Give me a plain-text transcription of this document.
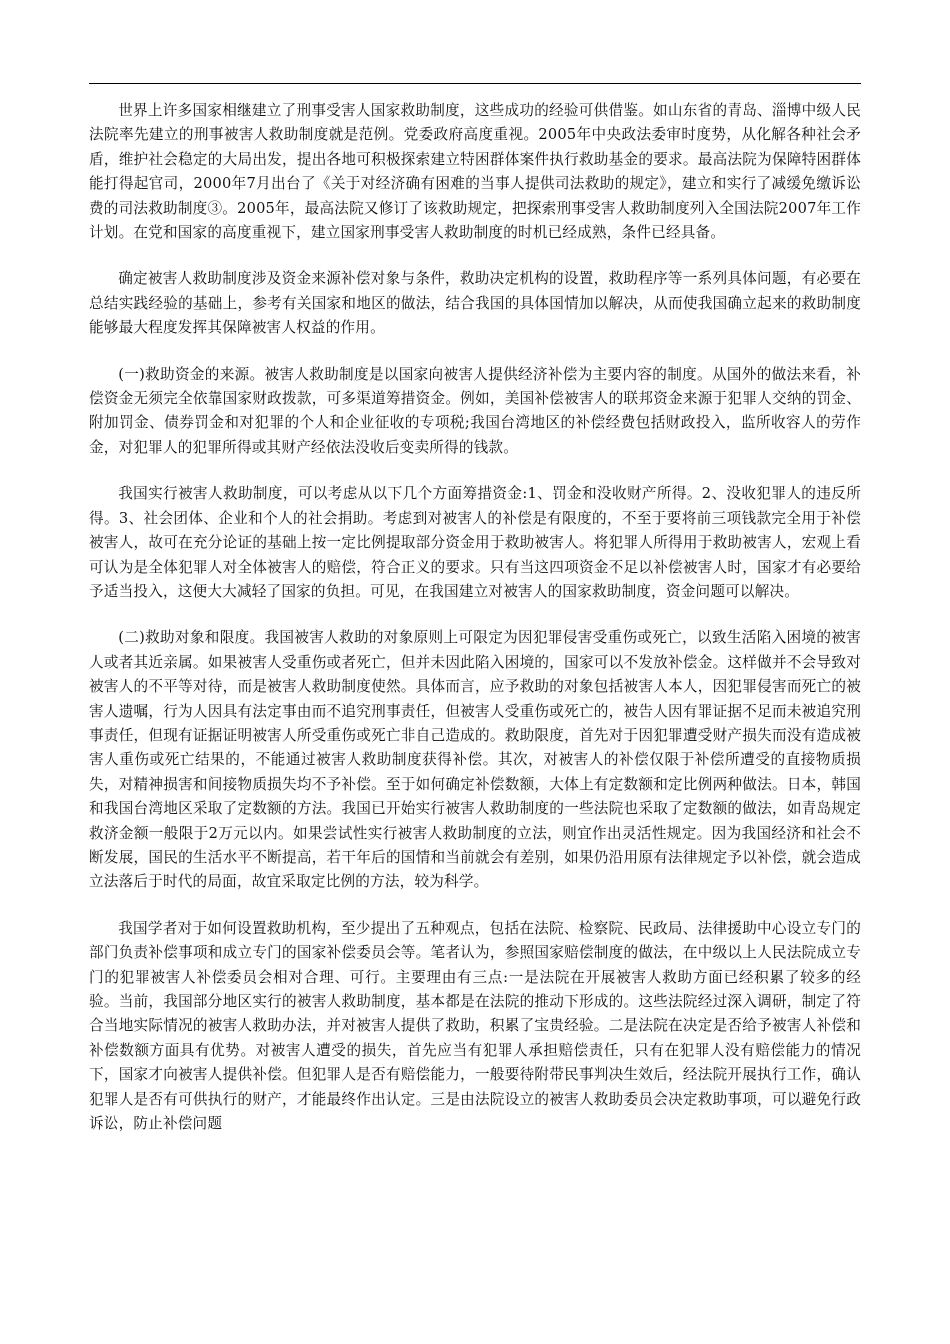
世界上许多国家相继建立了刑事受害人国家救助制度，这些成功的经验可供借鉴。如山东省的青岛、淄博中级人民法院率先建立的刑事被害人救助制度就是范例。党委政府高度重视。2005年中央政法委审时度势，从化解各种社会矛盾，维护社会稳定的大局出发，提出各地可积极探索建立特困群体案件执行救助基金的要求。最高法院为保障特困群体能打得起官司，2000年7月出台了《关于对经济确有困难的当事人提供司法救助的规定》，建立和实行了减缓免缴诉讼费的司法救助制度③。2005年，最高法院又修订了该救助规定，把探索刑事受害人救助制度列入全国法院2007年工作计划。在党和国家的高度重视下，建立国家刑事受害人救助制度的时机已经成熟，条件已经具备。

确定被害人救助制度涉及资金来源补偿对象与条件，救助决定机构的设置，救助程序等一系列具体问题，有必要在总结实践经验的基础上，参考有关国家和地区的做法，结合我国的具体国情加以解决，从而使我国确立起来的救助制度能够最大程度发挥其保障被害人权益的作用。

(一)救助资金的来源。被害人救助制度是以国家向被害人提供经济补偿为主要内容的制度。从国外的做法来看，补偿资金无须完全依靠国家财政拨款，可多渠道筹措资金。例如，美国补偿被害人的联邦资金来源于犯罪人交纳的罚金、附加罚金、债券罚金和对犯罪的个人和企业征收的专项税;我国台湾地区的补偿经费包括财政投入，监所收容人的劳作金，对犯罪人的犯罪所得或其财产经依法没收后变卖所得的钱款。

我国实行被害人救助制度，可以考虑从以下几个方面筹措资金:1、罚金和没收财产所得。2、没收犯罪人的违反所得。3、社会团体、企业和个人的社会捐助。考虑到对被害人的补偿是有限度的，不至于要将前三项钱款完全用于补偿被害人，故可在充分论证的基础上按一定比例提取部分资金用于救助被害人。将犯罪人所得用于救助被害人，宏观上看可认为是全体犯罪人对全体被害人的赔偿，符合正义的要求。只有当这四项资金不足以补偿被害人时，国家才有必要给予适当投入，这便大大减轻了国家的负担。可见，在我国建立对被害人的国家救助制度，资金问题可以解决。

(二)救助对象和限度。我国被害人救助的对象原则上可限定为因犯罪侵害受重伤或死亡，以致生活陷入困境的被害人或者其近亲属。如果被害人受重伤或者死亡，但并未因此陷入困境的，国家可以不发放补偿金。这样做并不会导致对被害人的不平等对待，而是被害人救助制度使然。具体而言，应予救助的对象包括被害人本人，因犯罪侵害而死亡的被害人遗嘱，行为人因具有法定事由而不追究刑事责任，但被害人受重伤或死亡的，被告人因有罪证据不足而未被追究刑事责任，但现有证据证明被害人所受重伤或死亡非自己造成的。救助限度，首先对于因犯罪遭受财产损失而没有造成被害人重伤或死亡结果的，不能通过被害人救助制度获得补偿。其次，对被害人的补偿仅限于补偿所遭受的直接物质损失，对精神损害和间接物质损失均不予补偿。至于如何确定补偿数额，大体上有定数额和定比例两种做法。日本，韩国和我国台湾地区采取了定数额的方法。我国已开始实行被害人救助制度的一些法院也采取了定数额的做法，如青岛规定救济金额一般限于2万元以内。如果尝试性实行被害人救助制度的立法，则宜作出灵活性规定。因为我国经济和社会不断发展，国民的生活水平不断提高，若干年后的国情和当前就会有差别，如果仍沿用原有法律规定予以补偿，就会造成立法落后于时代的局面，故宜采取定比例的方法，较为科学。

我国学者对于如何设置救助机构，至少提出了五种观点，包括在法院、检察院、民政局、法律援助中心设立专门的部门负责补偿事项和成立专门的国家补偿委员会等。笔者认为，参照国家赔偿制度的做法，在中级以上人民法院成立专门的犯罪被害人补偿委员会相对合理、可行。主要理由有三点:一是法院在开展被害人救助方面已经积累了较多的经验。当前，我国部分地区实行的被害人救助制度，基本都是在法院的推动下形成的。这些法院经过深入调研，制定了符合当地实际情况的被害人救助办法，并对被害人提供了救助，积累了宝贵经验。二是法院在决定是否给予被害人补偿和补偿数额方面具有优势。对被害人遭受的损失，首先应当有犯罪人承担赔偿责任，只有在犯罪人没有赔偿能力的情况下，国家才向被害人提供补偿。但犯罪人是否有赔偿能力，一般要待附带民事判决生效后，经法院开展执行工作，确认犯罪人是否有可供执行的财产，才能最终作出认定。三是由法院设立的被害人救助委员会决定救助事项，可以避免行政诉讼，防止补偿问题
